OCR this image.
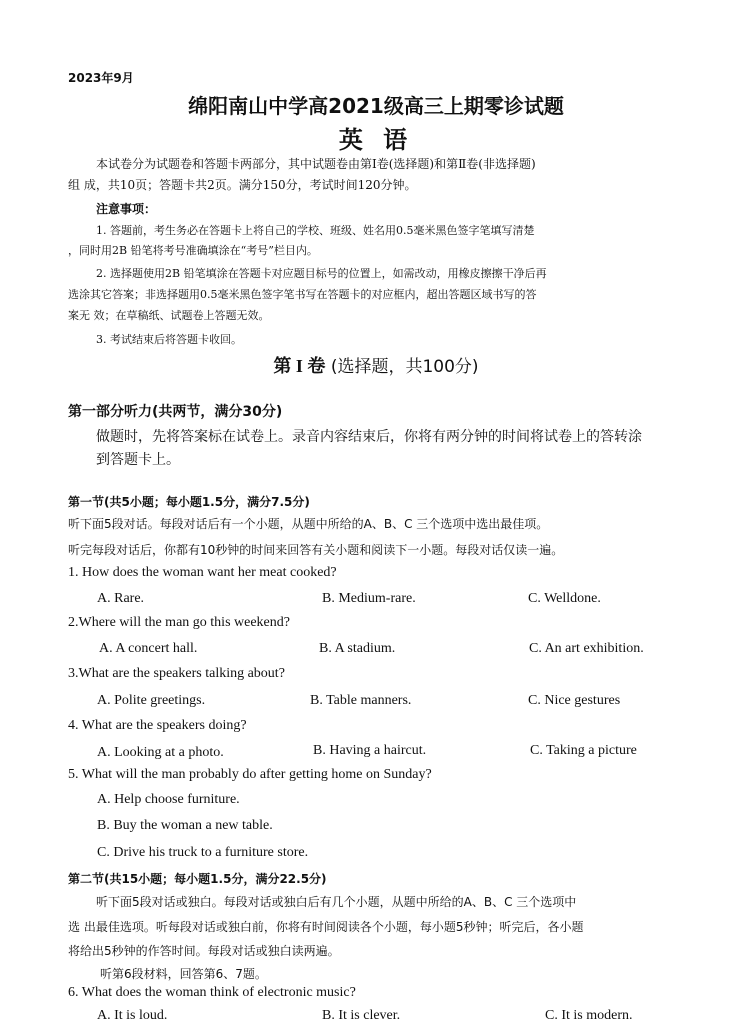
2023年9月
绵阳南山中学高2021级高三上期零诊试题
英 语
本试卷分为试题卷和答题卡两部分，其中试题卷由第Ⅰ卷(选择题)和第Ⅱ卷(非选择题)
组 成，共10页；答题卡共2页。满分150分，考试时间120分钟。
注意事项：
1. 答题前，考生务必在答题卡上将自己的学校、班级、姓名用0.5毫米黑色签字笔填写清楚
，同时用2B 铅笔将考号准确填涂在“考号”栏目内。
2. 选择题使用2B 铅笔填涂在答题卡对应题目标号的位置上，如需改动，用橡皮擦擦干净后再
选涂其它答案；非选择题用0.5毫米黑色签字笔书写在答题卡的对应框内，超出答题区域书写的答
案无 效；在草稿纸、试题卷上答题无效。
3. 考试结束后将答题卡收回。
第 I 卷 (选择题，共100分)
第一部分听力(共两节，满分30分)
做题时，先将答案标在试卷上。录音内容结束后，你将有两分钟的时间将试卷上的答转涂
到答题卡上。
第一节(共5小题；每小题1.5分，满分7.5分)
听下面5段对话。每段对话后有一个小题，从题中所给的A、B、C 三个选项中选出最佳项。
听完每段对话后，你都有10秒钟的时间来回答有关小题和阅读下一小题。每段对话仅读一遍。
1. How does the woman want her meat cooked?
A. Rare.	B. Medium-rare.	C. Welldone.
2.Where will the man go this weekend?
A. A concert hall.	B. A stadium.	C. An art exhibition.
3.What are the speakers talking about?
A. Polite greetings.	B. Table manners.	C. Nice gestures
4. What are the speakers doing?
A. Looking at a photo.	B. Having a haircut.	C. Taking a picture
5. What will the man probably do after getting home on Sunday?
A. Help choose furniture.
B. Buy the woman a new table.
C. Drive his truck to a furniture store.
第二节(共15小题；每小题1.5分，满分22.5分)
听下面5段对话或独白。每段对话或独白后有几个小题，从题中所给的A、B、C 三个选项中
选 出最佳选项。听每段对话或独白前，你将有时间阅读各个小题，每小题5秒钟；听完后，各小题
将给出5秒钟的作答时间。每段对话或独白读两遍。
听第6段材料，回答第6、7题。
6. What does the woman think of electronic music?
A. It is loud.	B. It is clever.	C. It is modern.
